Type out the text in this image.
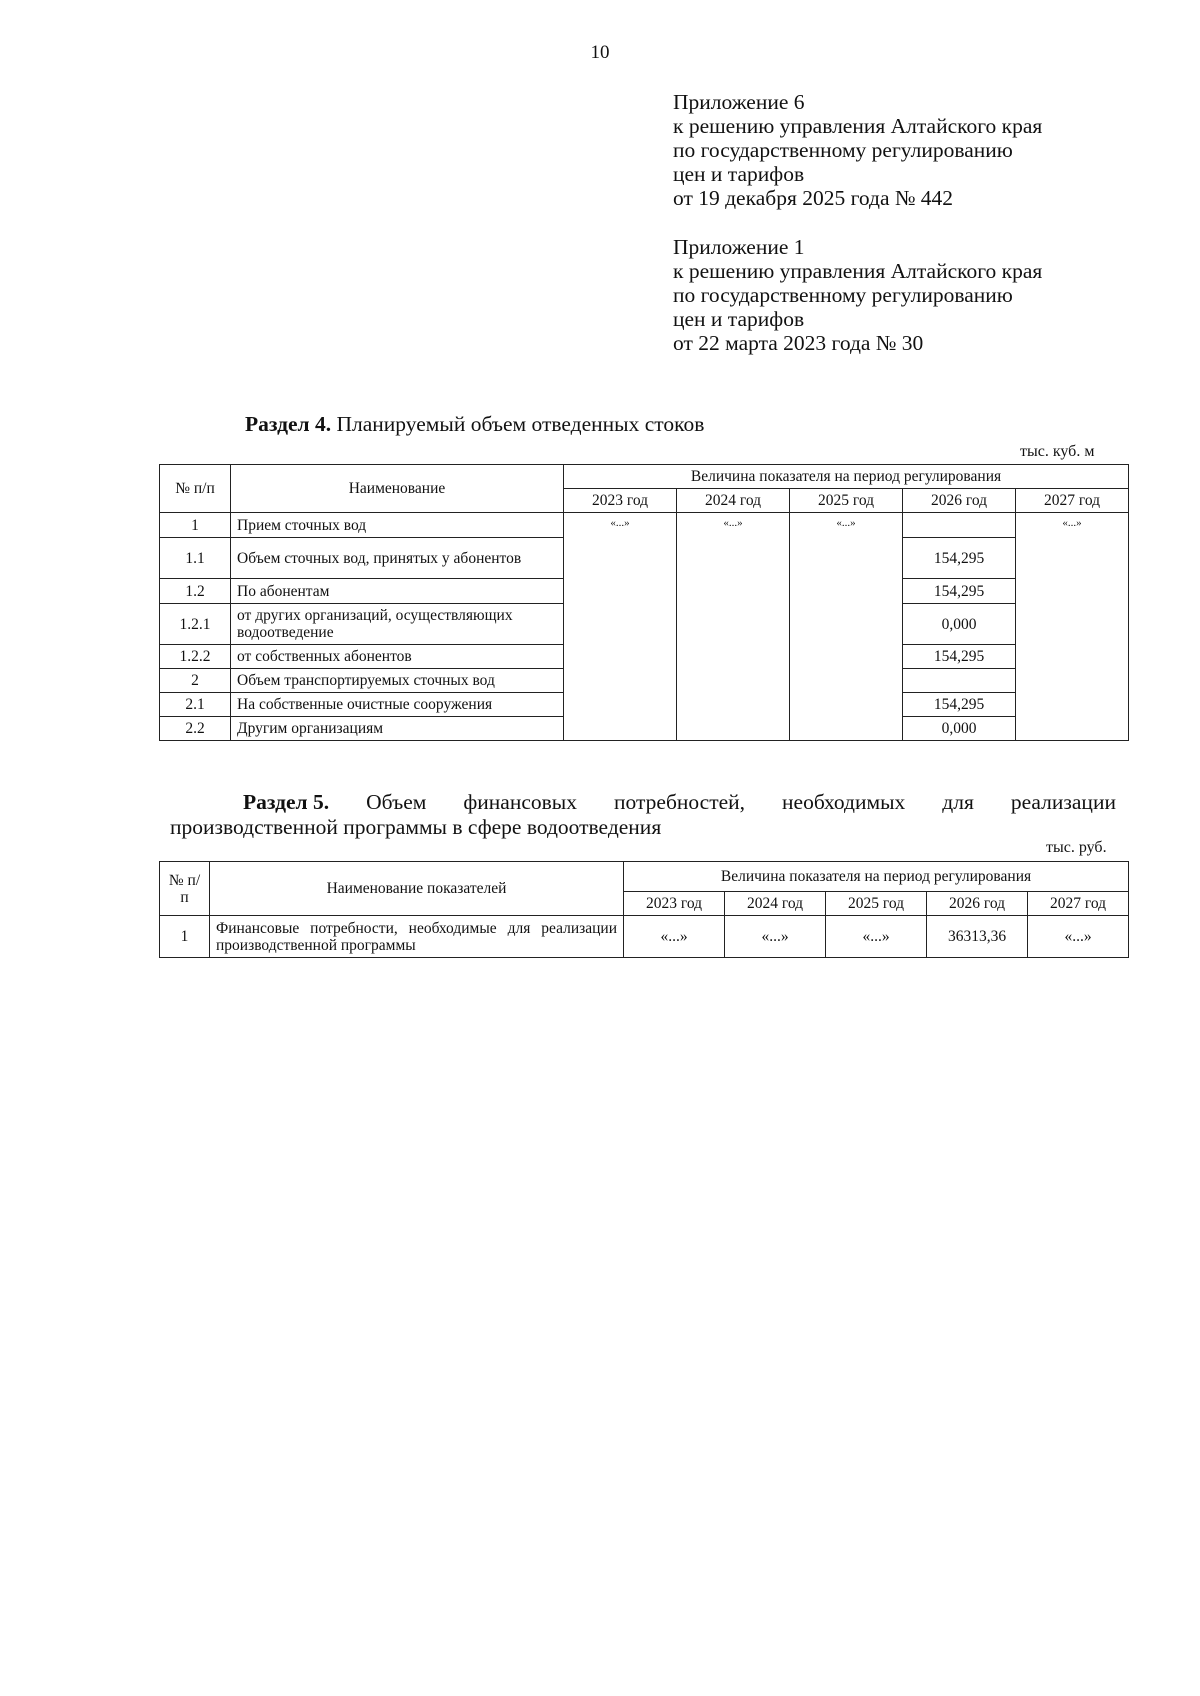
10
Приложение 6
к решению управления Алтайского края
по государственному регулированию
цен и тарифов
от 19 декабря 2025 года № 442
Приложение 1
к решению управления Алтайского края
по государственному регулированию
цен и тарифов
от 22 марта 2023 года № 30
Раздел 4. Планируемый объем отведенных стоков
тыс. куб. м
№ п/п	Наименование	Величина показателя на период регулирования				
		2023 год	2024 год	2025 год	2026 год	2027 год
1	Прием сточных вод	«...»	«...»	«...»		«...»
1.1	Объем сточных вод, принятых у абонентов				154,295	
1.2	По абонентам				154,295	
1.2.1	от других организаций, осуществляющих водоотведение				0,000	
1.2.2	от собственных абонентов				154,295	
2	Объем транспортируемых сточных вод					
2.1	На собственные очистные сооружения				154,295	
2.2	Другим организациям				0,000	
Раздел 5. Объем финансовых потребностей, необходимых для реализации
производственной программы в сфере водоотведения
тыс. руб.
№ п/п	Наименование показателей	Величина показателя на период регулирования				
		2023 год	2024 год	2025 год	2026 год	2027 год
1	Финансовые потребности, необходимые для реализации производственной программы	«...»	«...»	«...»	36313,36	«...»
